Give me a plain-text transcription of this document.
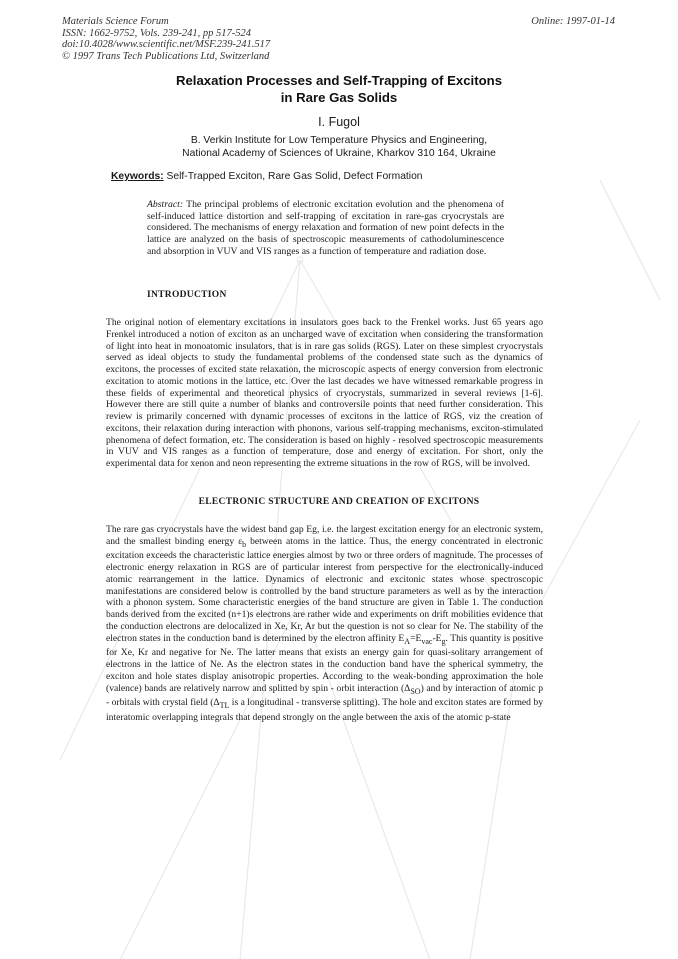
Materials Science Forum
ISSN: 1662-9752, Vols. 239-241, pp 517-524
doi:10.4028/www.scientific.net/MSF.239-241.517
© 1997 Trans Tech Publications Ltd, Switzerland
Online: 1997-01-14
Relaxation Processes and Self-Trapping of Excitons
in Rare Gas Solids
I. Fugol
B. Verkin Institute for Low Temperature Physics and Engineering,
National Academy of Sciences of Ukraine, Kharkov 310 164, Ukraine
Keywords: Self-Trapped Exciton, Rare Gas Solid, Defect Formation
Abstract: The principal problems of electronic excitation evolution and the phenomena of self-induced lattice distortion and self-trapping of excitation in rare-gas cryocrystals are considered. The mechanisms of energy relaxation and formation of new point defects in the lattice are analyzed on the basis of spectroscopic measurements of cathodoluminescence and absorption in VUV and VIS ranges as a function of temperature and radiation dose.
INTRODUCTION
The original notion of elementary excitations in insulators goes back to the Frenkel works. Just 65 years ago Frenkel introduced a notion of exciton as an uncharged wave of excitation when considering the transformation of light into heat in monoatomic insulators, that is in rare gas solids (RGS). Later on these simplest cryocrystals served as ideal objects to study the fundamental problems of the condensed state such as the dynamics of excitons, the processes of excited state relaxation, the microscopic aspects of energy conversion from electronic excitation to atomic motions in the lattice, etc. Over the last decades we have witnessed remarkable progress in these fields of experimental and theoretical physics of cryocrystals, summarized in several reviews [1-6]. However there are still quite a number of blanks and controversile points that need further consideration. This review is primarily concerned with dynamic processes of excitons in the lattice of RGS, viz the creation of excitons, their relaxation during interaction with phonons, various self-trapping mechanisms, exciton-stimulated phenomena of defect formation, etc. The consideration is based on highly - resolved spectroscopic measurements in VUV and VIS ranges as a function of temperature, dose and energy of excitation. For short, only the experimental data for xenon and neon representing the extreme situations in the row of RGS, will be involved.
ELECTRONIC STRUCTURE AND CREATION OF EXCITONS
The rare gas cryocrystals have the widest band gap Eg, i.e. the largest excitation energy for an electronic system, and the smallest binding energy $\varepsilon_b$ between atoms in the lattice. Thus, the energy concentrated in electronic excitation exceeds the characteristic lattice energies almost by two or three orders of magnitude. The processes of electronic energy relaxation in RGS are of particular interest from perspective for the electronically-induced atomic rearrangement in the lattice. Dynamics of electronic and excitonic states whose spectroscopic manifestations are considered below is controlled by the band structure parameters as well as by the interaction with a phonon system. Some characteristic energies of the band structure are given in Table 1. The conduction bands derived from the excited (n+1)s electrons are rather wide and experiments on drift mobilities evidence that the conduction electrons are delocalized in Xe, Kr, Ar but the question is not so clear for Ne. The stability of the electron states in the conduction band is determined by the electron affinity $E_A=E_{vac}-E_g$. This quantity is positive for Xe, Kr and negative for Ne. The latter means that exists an energy gain for quasi-solitary arrangement of electrons in the lattice of Ne. As the electron states in the conduction band have the spherical symmetry, the exciton and hole states display anisotropic properties. According to the weak-bonding approximation the hole (valence) bands are relatively narrow and splitted by spin - orbit interaction $(\Delta_{SO})$ and by interaction of atomic p - orbitals with crystal field ($\Delta_{TL}$ is a longitudinal - transverse splitting). The hole and exciton states are formed by interatomic overlapping integrals that depend strongly on the angle between the axis of the atomic p-state
